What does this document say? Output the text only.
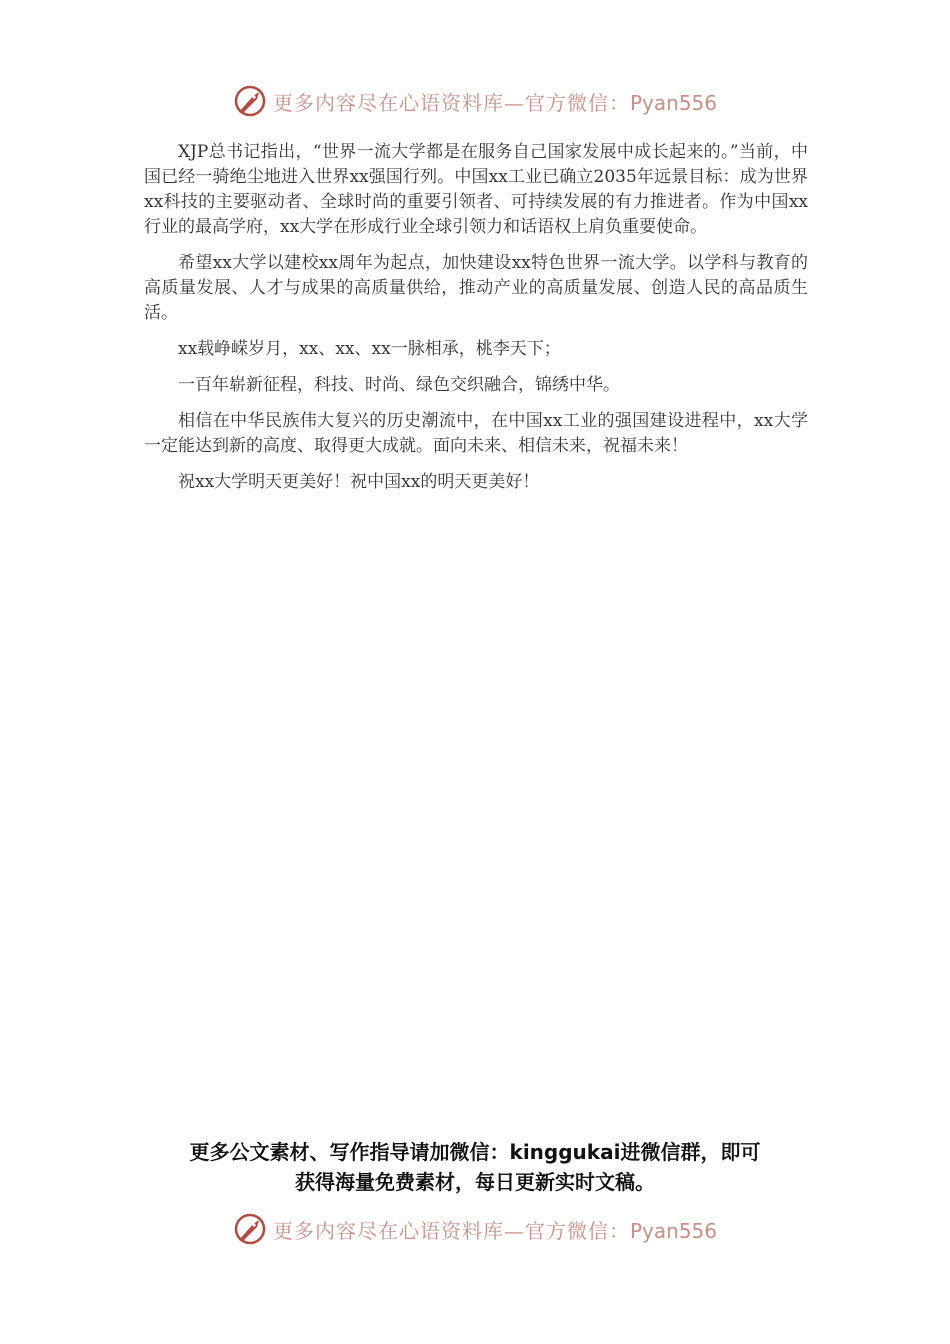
更多内容尽在心语资料库—官方微信：Pyan556

XJP总书记指出，“世界一流大学都是在服务自己国家发展中成长起来的。”当前，中国已经一骑绝尘地进入世界xx强国行列。中国xx工业已确立2035年远景目标：成为世界xx科技的主要驱动者、全球时尚的重要引领者、可持续发展的有力推进者。作为中国xx行业的最高学府，xx大学在形成行业全球引领力和话语权上肩负重要使命。

希望xx大学以建校xx周年为起点，加快建设xx特色世界一流大学。以学科与教育的高质量发展、人才与成果的高质量供给，推动产业的高质量发展、创造人民的高品质生活。

xx载峥嵘岁月，xx、xx、xx一脉相承，桃李天下；

一百年崭新征程，科技、时尚、绿色交织融合，锦绣中华。

相信在中华民族伟大复兴的历史潮流中，在中国xx工业的强国建设进程中，xx大学一定能达到新的高度、取得更大成就。面向未来、相信未来，祝福未来！

祝xx大学明天更美好！祝中国xx的明天更美好！

更多公文素材、写作指导请加微信：kinggukai进微信群，即可
获得海量免费素材，每日更新实时文稿。
更多内容尽在心语资料库—官方微信：Pyan556
